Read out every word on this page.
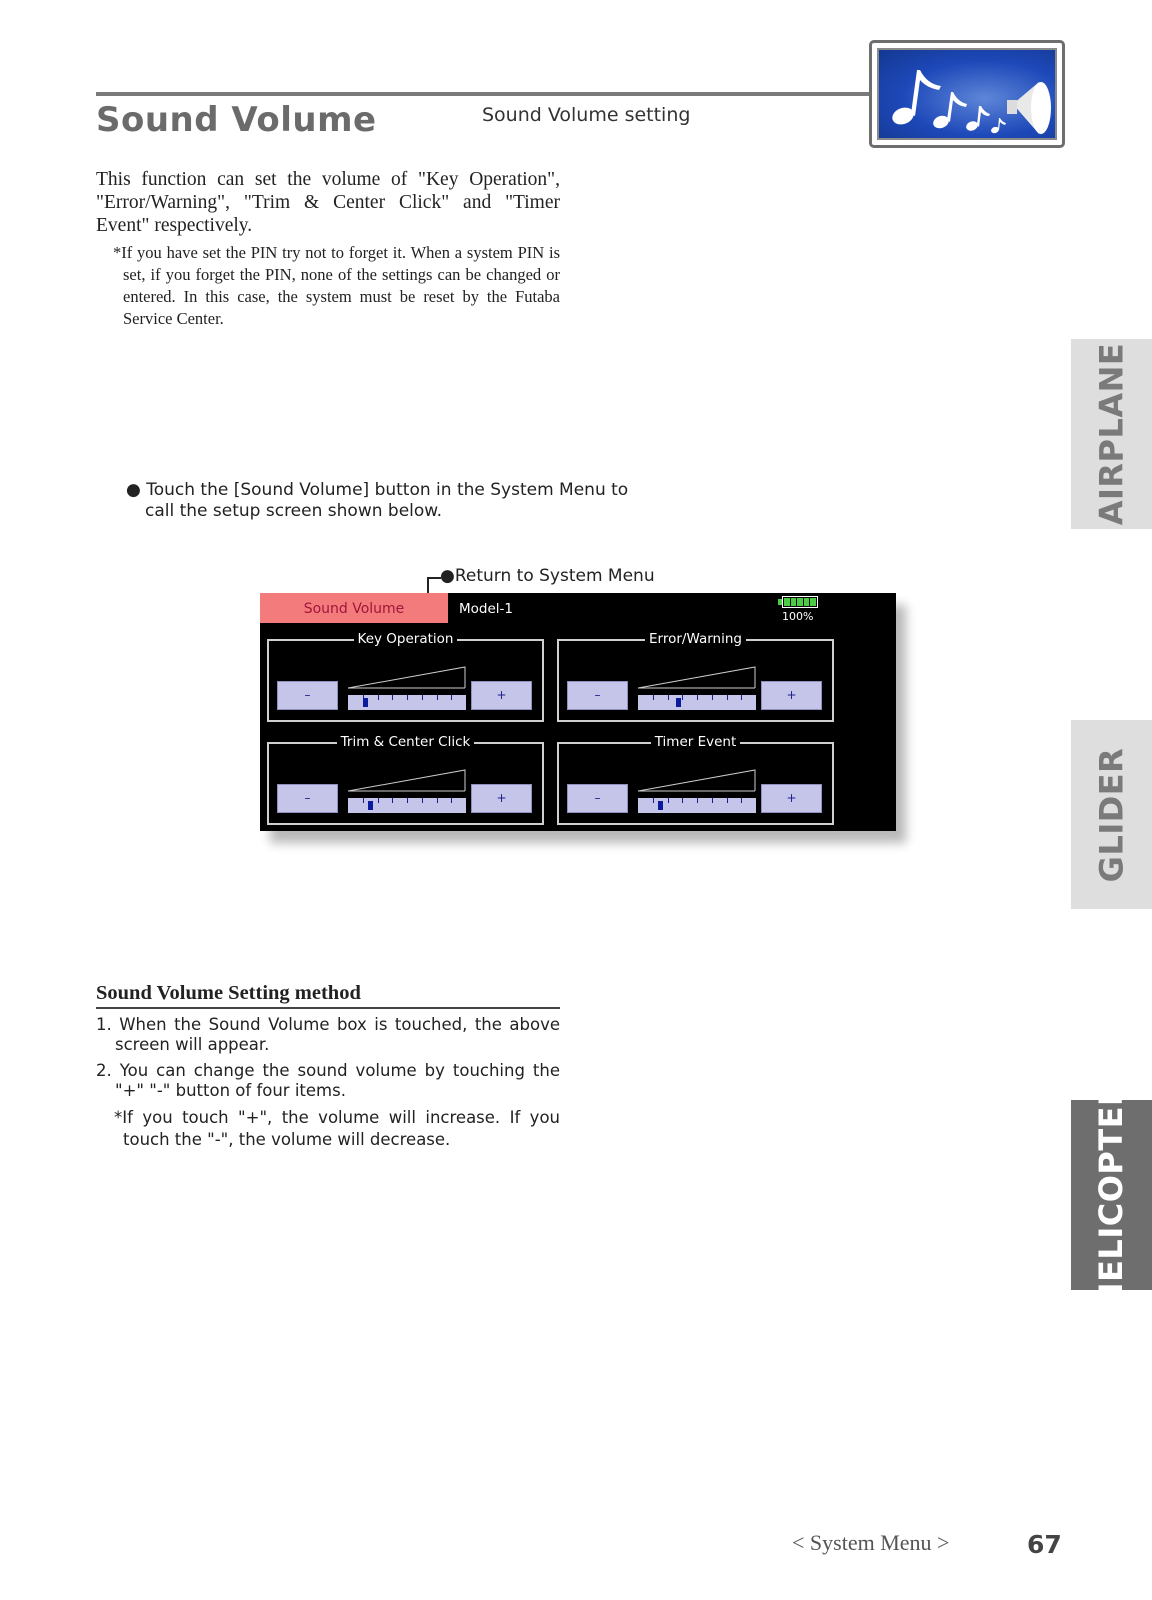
Sound Volume	Sound Volume setting

This function can set the volume of "Key Operation", "Error/Warning", "Trim & Center Click" and "Timer Event" respectively.

*If you have set the PIN try not to forget it. When a system PIN is set, if you forget the PIN, none of the settings can be changed or entered. In this case, the system must be reset by the Futaba Service Center.

● Touch the [Sound Volume] button in the System Menu to call the setup screen shown below.

●Return to System Menu
Sound Volume	Model-1	100%
Key Operation
–	+
Error/Warning
–	+
Trim & Center Click
–	+
Timer Event
–	+
Sound Volume Setting method

1. When the Sound Volume box is touched, the above screen will appear.

2. You can change the sound volume by touching the "+" "-" button of four items.

*If you touch "+", the volume will increase. If you touch the "-", the volume will decrease.

AIRPLANE
GLIDER
HELICOPTER
< System Menu >	67
